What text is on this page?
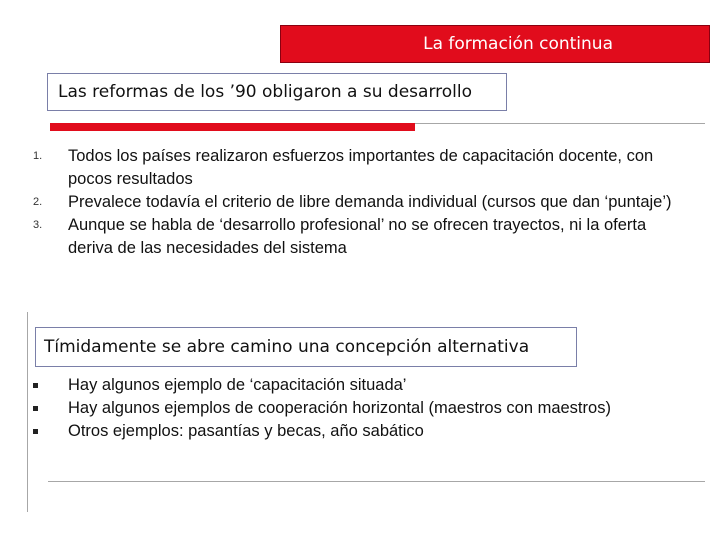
La formación continua
Las reformas de los ’90 obligaron a su desarrollo
1. Todos los países realizaron esfuerzos importantes de capacitación docente, con pocos resultados
2. Prevalece todavía el criterio de libre demanda individual (cursos que dan ‘puntaje’)
3. Aunque se habla de ‘desarrollo profesional’ no se ofrecen trayectos, ni la oferta deriva de las necesidades del sistema
Tímidamente se abre camino una concepción alternativa
Hay algunos ejemplo de ‘capacitación situada’
Hay algunos ejemplos de cooperación horizontal (maestros con maestros)
Otros ejemplos: pasantías y becas, año sabático
